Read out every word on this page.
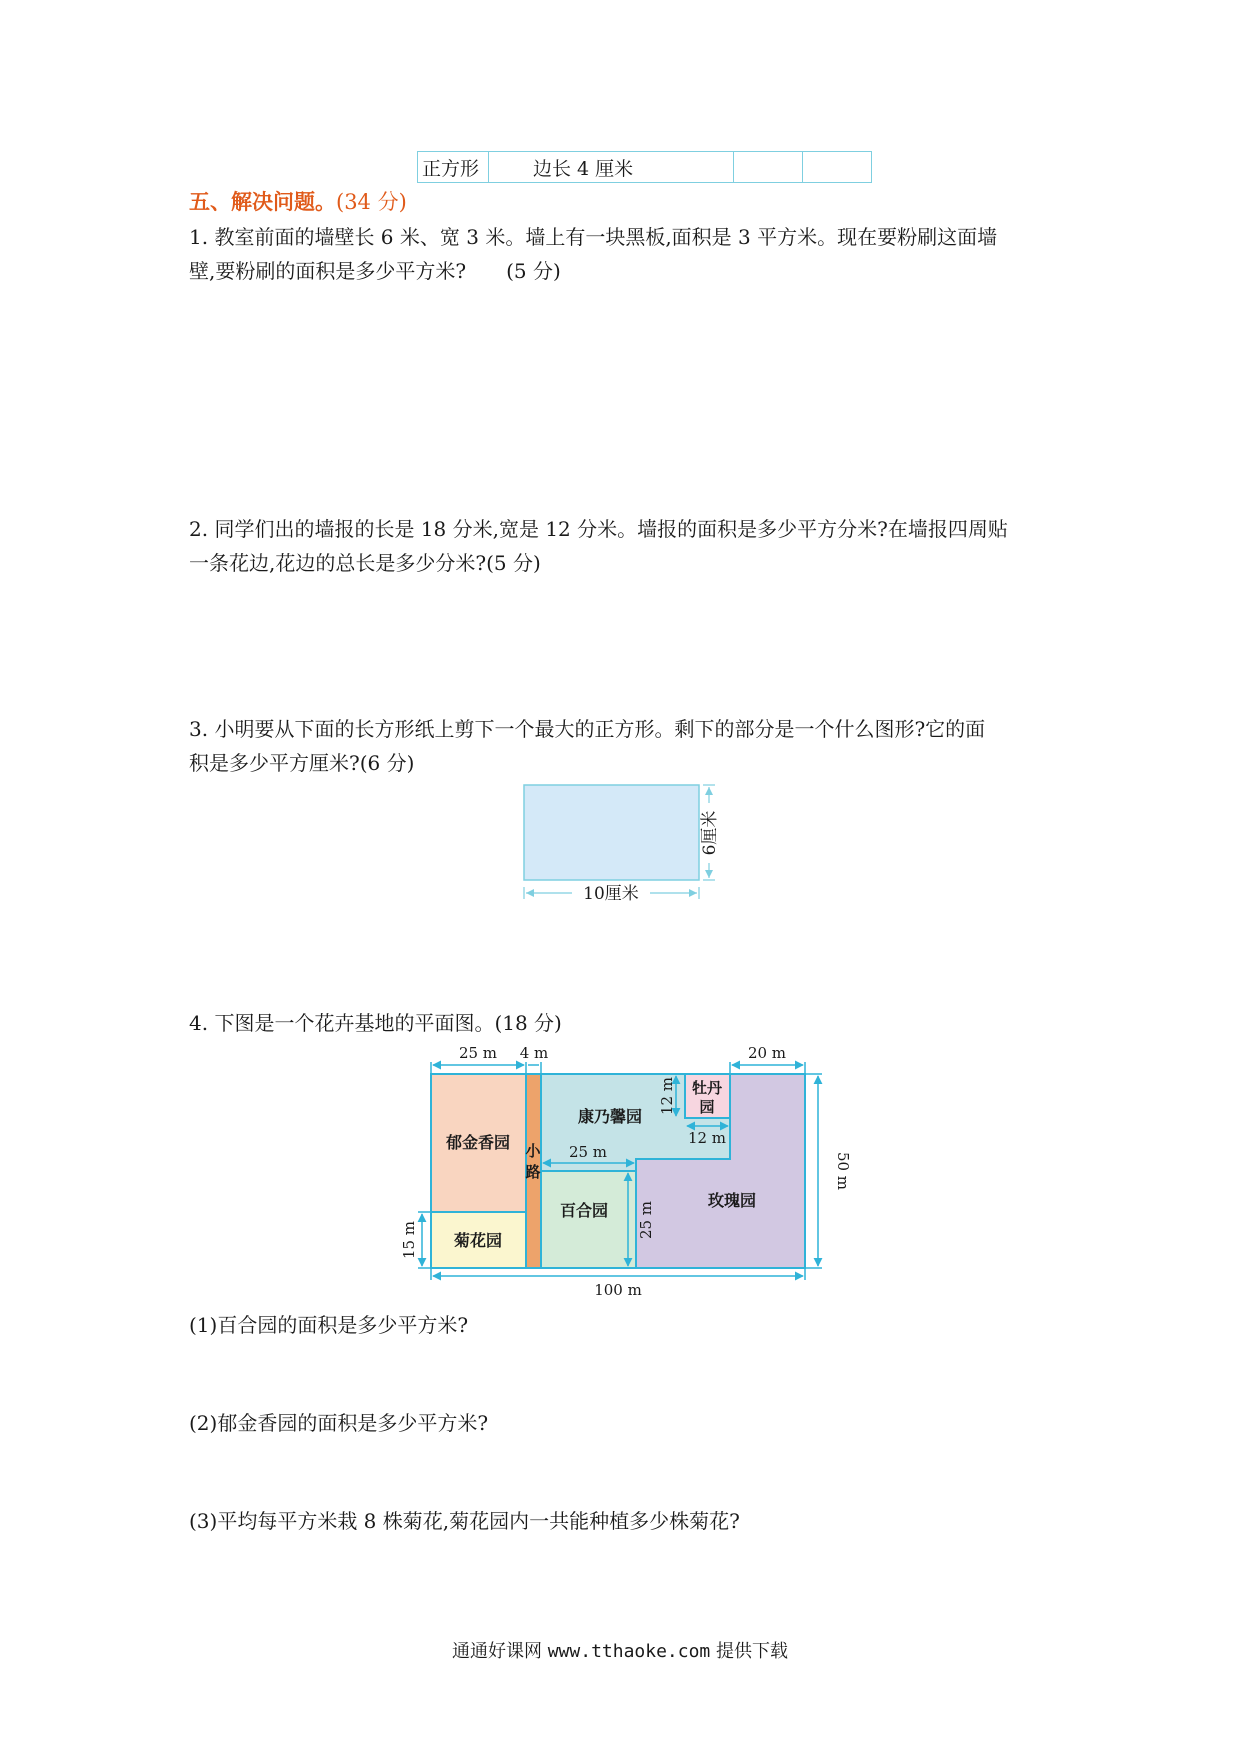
正方形	边长 4 厘米		
五、解决问题。(34 分)

1. 教室前面的墙壁长 6 米、宽 3 米。墙上有一块黑板,面积是 3 平方米。现在要粉刷这面墙

壁,要粉刷的面积是多少平方米?　　(5 分)

2. 同学们出的墙报的长是 18 分米,宽是 12 分米。墙报的面积是多少平方分米?在墙报四周贴

一条花边,花边的总长是多少分米?(5 分)

3. 小明要从下面的长方形纸上剪下一个最大的正方形。剩下的部分是一个什么图形?它的面

积是多少平方厘米?(6 分)

10厘米
6厘米

4. 下图是一个花卉基地的平面图。(18 分)

25 m 4 m	20 m
12 m
12 m
25 m
25 m
50 m
15 m
100 m
郁金香园 小
路
康乃馨园
牡丹
园
百合园
玫瑰园
菊花园

(1)百合园的面积是多少平方米?

(2)郁金香园的面积是多少平方米?

(3)平均每平方米栽 8 株菊花,菊花园内一共能种植多少株菊花?

通通好课网 www.tthaoke.com 提供下载
